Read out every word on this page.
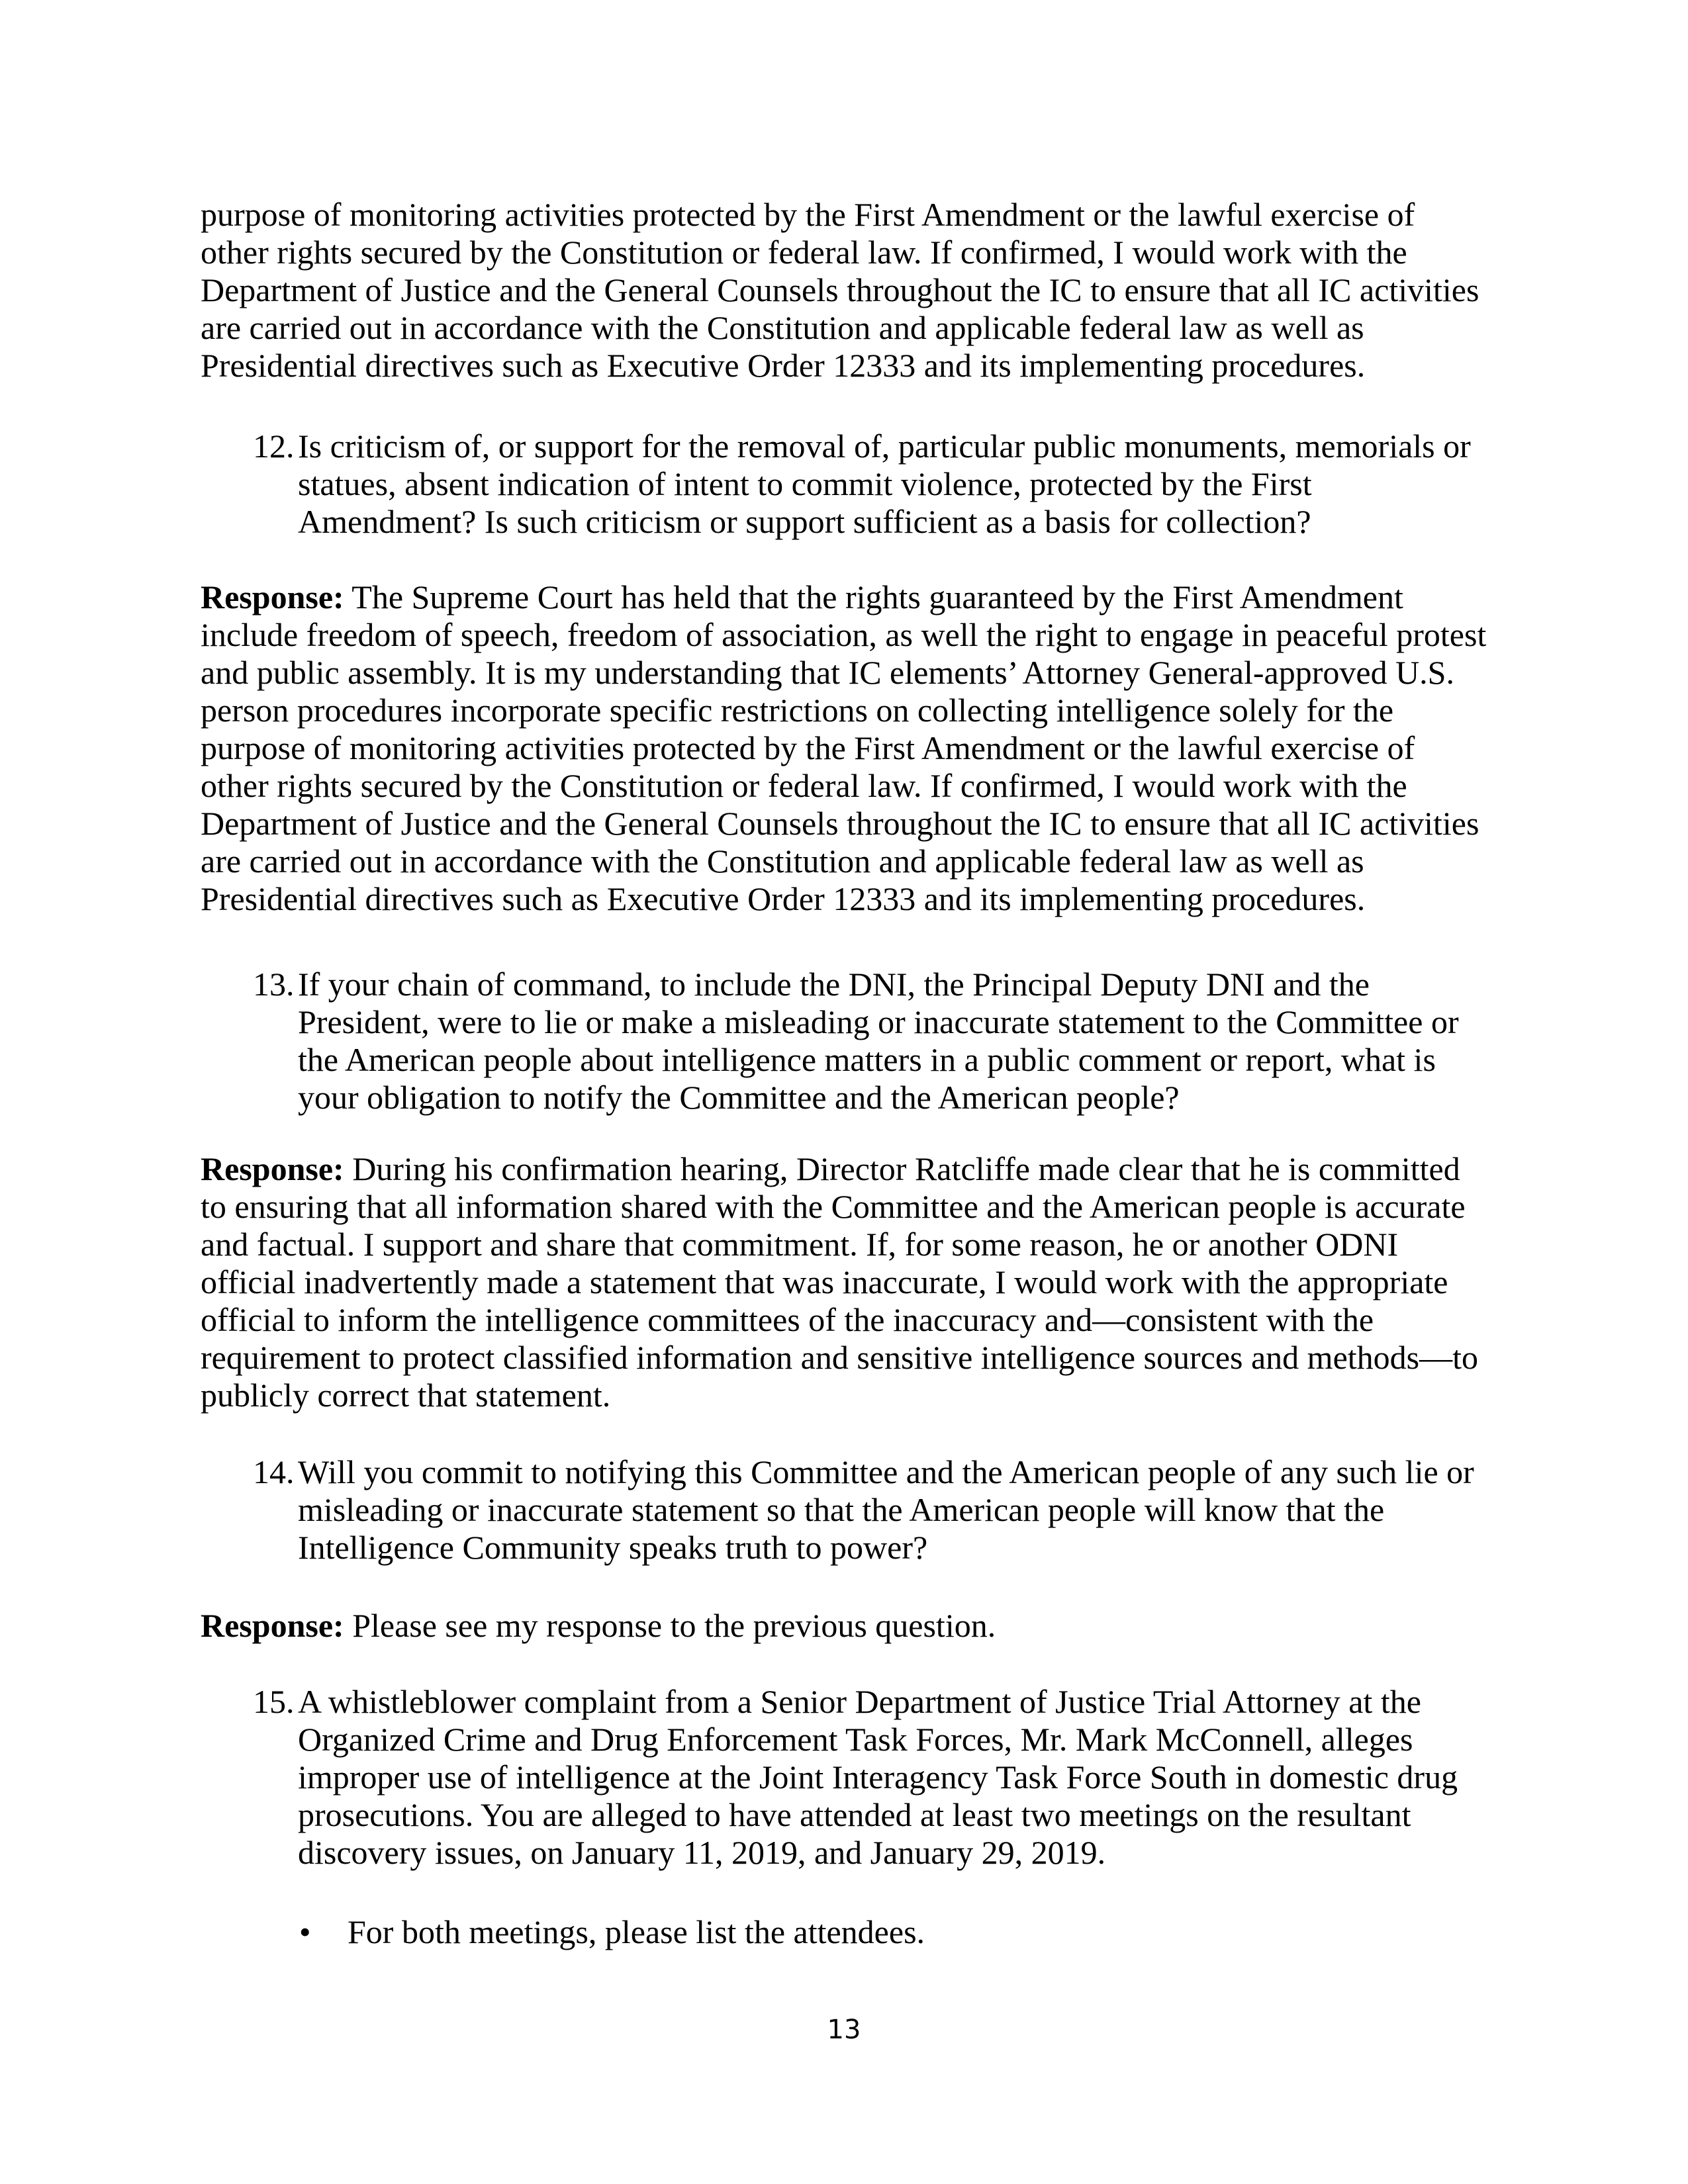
purpose of monitoring activities protected by the First Amendment or the lawful exercise of
other rights secured by the Constitution or federal law. If confirmed, I would work with the
Department of Justice and the General Counsels throughout the IC to ensure that all IC activities
are carried out in accordance with the Constitution and applicable federal law as well as
Presidential directives such as Executive Order 12333 and its implementing procedures.
12. Is criticism of, or support for the removal of, particular public monuments, memorials or
statues, absent indication of intent to commit violence, protected by the First
Amendment? Is such criticism or support sufficient as a basis for collection?
Response: The Supreme Court has held that the rights guaranteed by the First Amendment
include freedom of speech, freedom of association, as well the right to engage in peaceful protest
and public assembly. It is my understanding that IC elements’ Attorney General-approved U.S.
person procedures incorporate specific restrictions on collecting intelligence solely for the
purpose of monitoring activities protected by the First Amendment or the lawful exercise of
other rights secured by the Constitution or federal law. If confirmed, I would work with the
Department of Justice and the General Counsels throughout the IC to ensure that all IC activities
are carried out in accordance with the Constitution and applicable federal law as well as
Presidential directives such as Executive Order 12333 and its implementing procedures.
13. If your chain of command, to include the DNI, the Principal Deputy DNI and the
President, were to lie or make a misleading or inaccurate statement to the Committee or
the American people about intelligence matters in a public comment or report, what is
your obligation to notify the Committee and the American people?
Response: During his confirmation hearing, Director Ratcliffe made clear that he is committed
to ensuring that all information shared with the Committee and the American people is accurate
and factual. I support and share that commitment. If, for some reason, he or another ODNI
official inadvertently made a statement that was inaccurate, I would work with the appropriate
official to inform the intelligence committees of the inaccuracy and—consistent with the
requirement to protect classified information and sensitive intelligence sources and methods—to
publicly correct that statement.
14. Will you commit to notifying this Committee and the American people of any such lie or
misleading or inaccurate statement so that the American people will know that the
Intelligence Community speaks truth to power?
Response: Please see my response to the previous question.
15. A whistleblower complaint from a Senior Department of Justice Trial Attorney at the
Organized Crime and Drug Enforcement Task Forces, Mr. Mark McConnell, alleges
improper use of intelligence at the Joint Interagency Task Force South in domestic drug
prosecutions. You are alleged to have attended at least two meetings on the resultant
discovery issues, on January 11, 2019, and January 29, 2019.
• For both meetings, please list the attendees.
13
